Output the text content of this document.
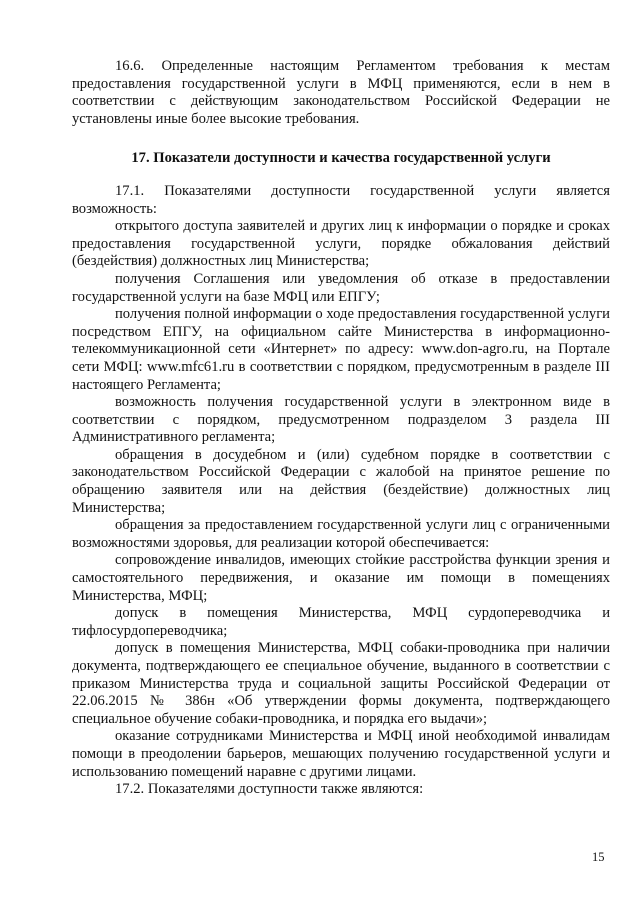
16.6. Определенные настоящим Регламентом требования к местам предоставления государственной услуги в МФЦ применяются, если в нем в соответствии с действующим законодательством Российской Федерации не установлены иные более высокие требования.

17. Показатели доступности и качества государственной услуги

17.1. Показателями доступности государственной услуги является возможность:

открытого доступа заявителей и других лиц к информации о порядке и сроках предоставления государственной услуги, порядке обжалования действий (бездействия) должностных лиц Министерства;

получения Соглашения или уведомления об отказе в предоставлении государственной услуги на базе МФЦ или ЕПГУ;

получения полной информации о ходе предоставления государственной услуги посредством ЕПГУ, на официальном сайте Министерства в информационно-телекоммуникационной сети «Интернет» по адресу: www.don-agro.ru, на Портале сети МФЦ: www.mfc61.ru в соответствии с порядком, предусмотренным в разделе III настоящего Регламента;

возможность получения государственной услуги в электронном виде в соответствии с порядком, предусмотренном подразделом 3 раздела III Административного регламента;

обращения в досудебном и (или) судебном порядке в соответствии с законодательством Российской Федерации с жалобой на принятое решение по обращению заявителя или на действия (бездействие) должностных лиц Министерства;

обращения за предоставлением государственной услуги лиц с ограниченными возможностями здоровья, для реализации которой обеспечивается:

сопровождение инвалидов, имеющих стойкие расстройства функции зрения и самостоятельного передвижения, и оказание им помощи в помещениях Министерства, МФЦ;

допуск в помещения Министерства, МФЦ сурдопереводчика и тифлосурдопереводчика;

допуск в помещения Министерства, МФЦ собаки-проводника при наличии документа, подтверждающего ее специальное обучение, выданного в соответствии с приказом Министерства труда и социальной защиты Российской Федерации от 22.06.2015 № 386н «Об утверждении формы документа, подтверждающего специальное обучение собаки-проводника, и порядка его выдачи»;

оказание сотрудниками Министерства и МФЦ иной необходимой инвалидам помощи в преодолении барьеров, мешающих получению государственной услуги и использованию помещений наравне с другими лицами.

17.2. Показателями доступности также являются:

15
